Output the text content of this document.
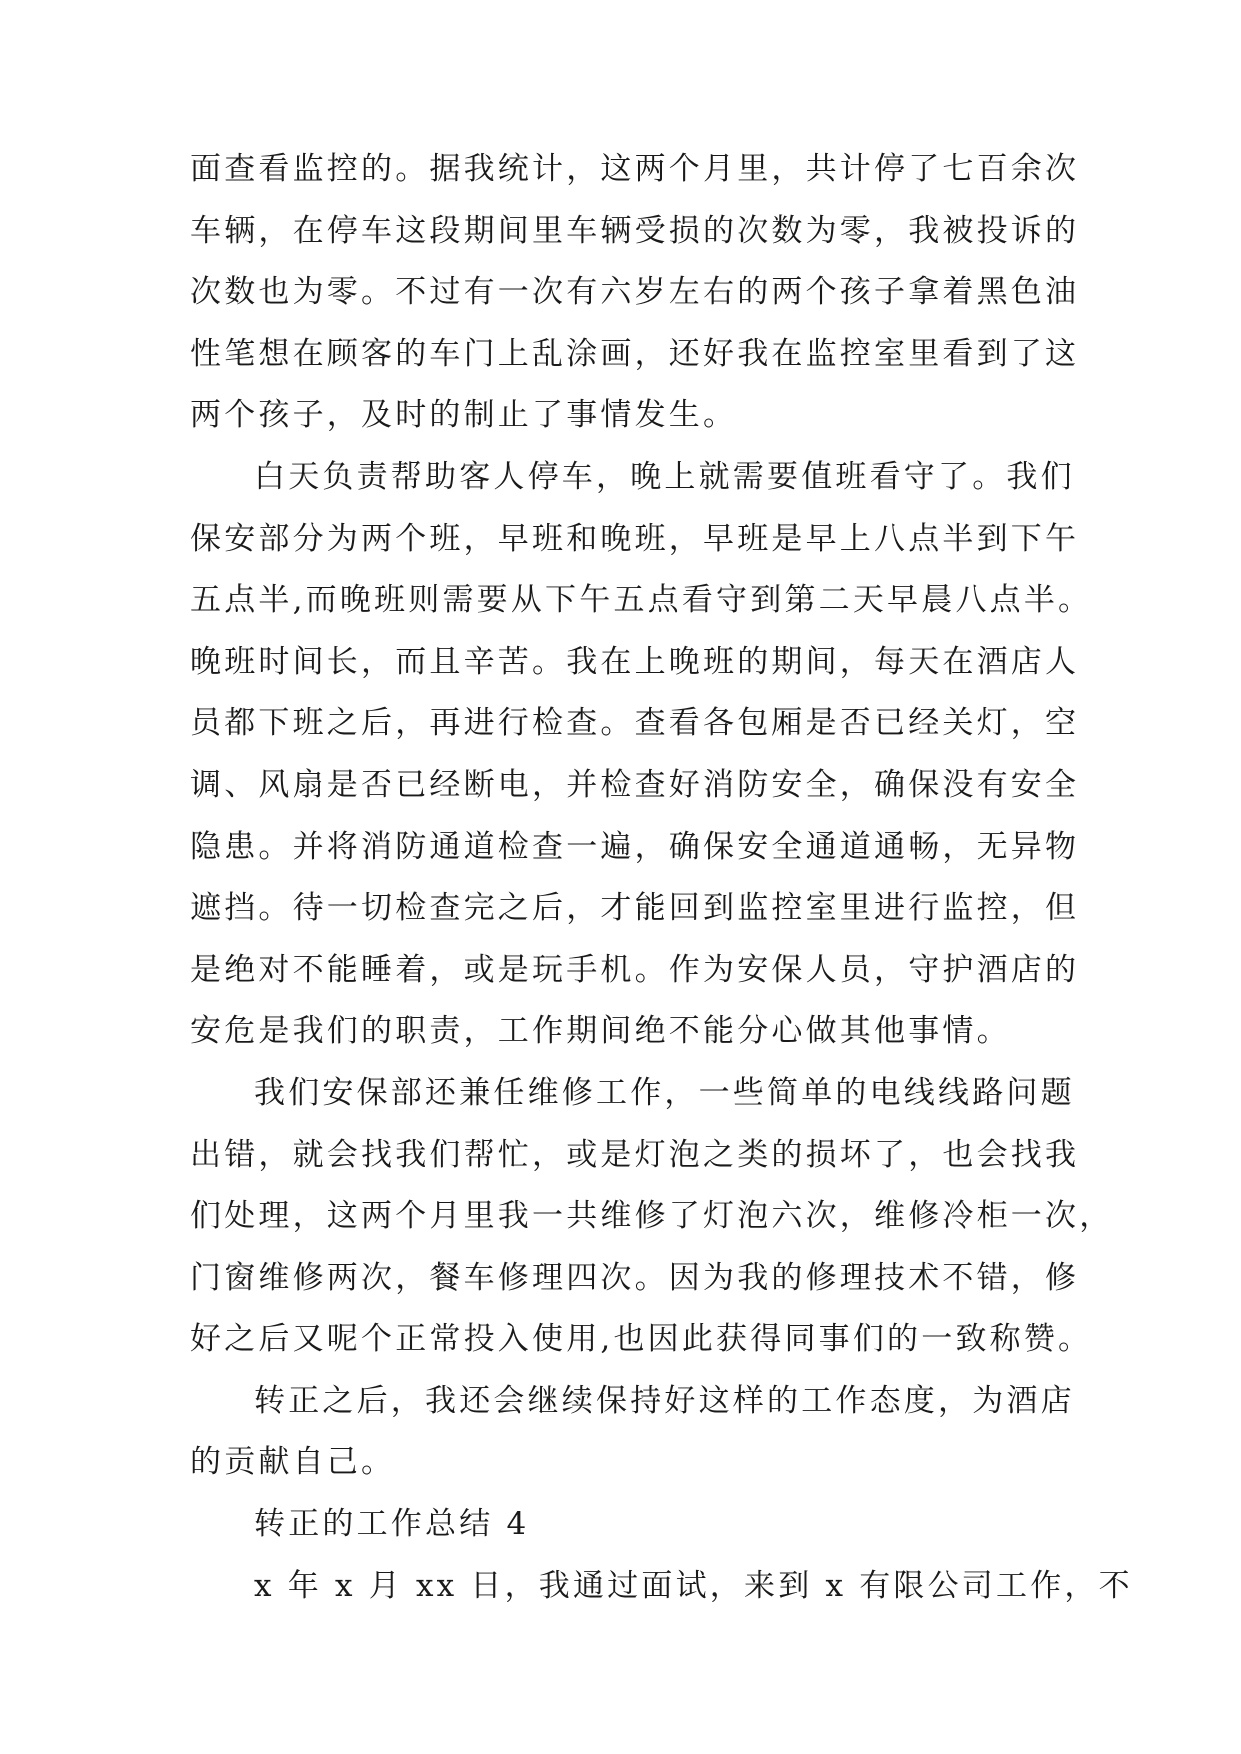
面查看监控的。据我统计，这两个月里，共计停了七百余次
车辆，在停车这段期间里车辆受损的次数为零，我被投诉的
次数也为零。不过有一次有六岁左右的两个孩子拿着黑色油
性笔想在顾客的车门上乱涂画，还好我在监控室里看到了这
两个孩子，及时的制止了事情发生。
白天负责帮助客人停车，晚上就需要值班看守了。我们
保安部分为两个班，早班和晚班，早班是早上八点半到下午
五点半,而晚班则需要从下午五点看守到第二天早晨八点半。
晚班时间长，而且辛苦。我在上晚班的期间，每天在酒店人
员都下班之后，再进行检查。查看各包厢是否已经关灯，空
调、风扇是否已经断电，并检查好消防安全，确保没有安全
隐患。并将消防通道检查一遍，确保安全通道通畅，无异物
遮挡。待一切检查完之后，才能回到监控室里进行监控，但
是绝对不能睡着，或是玩手机。作为安保人员，守护酒店的
安危是我们的职责，工作期间绝不能分心做其他事情。
我们安保部还兼任维修工作，一些简单的电线线路问题
出错，就会找我们帮忙，或是灯泡之类的损坏了，也会找我
们处理，这两个月里我一共维修了灯泡六次，维修冷柜一次，
门窗维修两次，餐车修理四次。因为我的修理技术不错，修
好之后又呢个正常投入使用,也因此获得同事们的一致称赞。
转正之后，我还会继续保持好这样的工作态度，为酒店
的贡献自己。
转正的工作总结 4
x 年 x 月 xx 日，我通过面试，来到 x 有限公司工作，不
